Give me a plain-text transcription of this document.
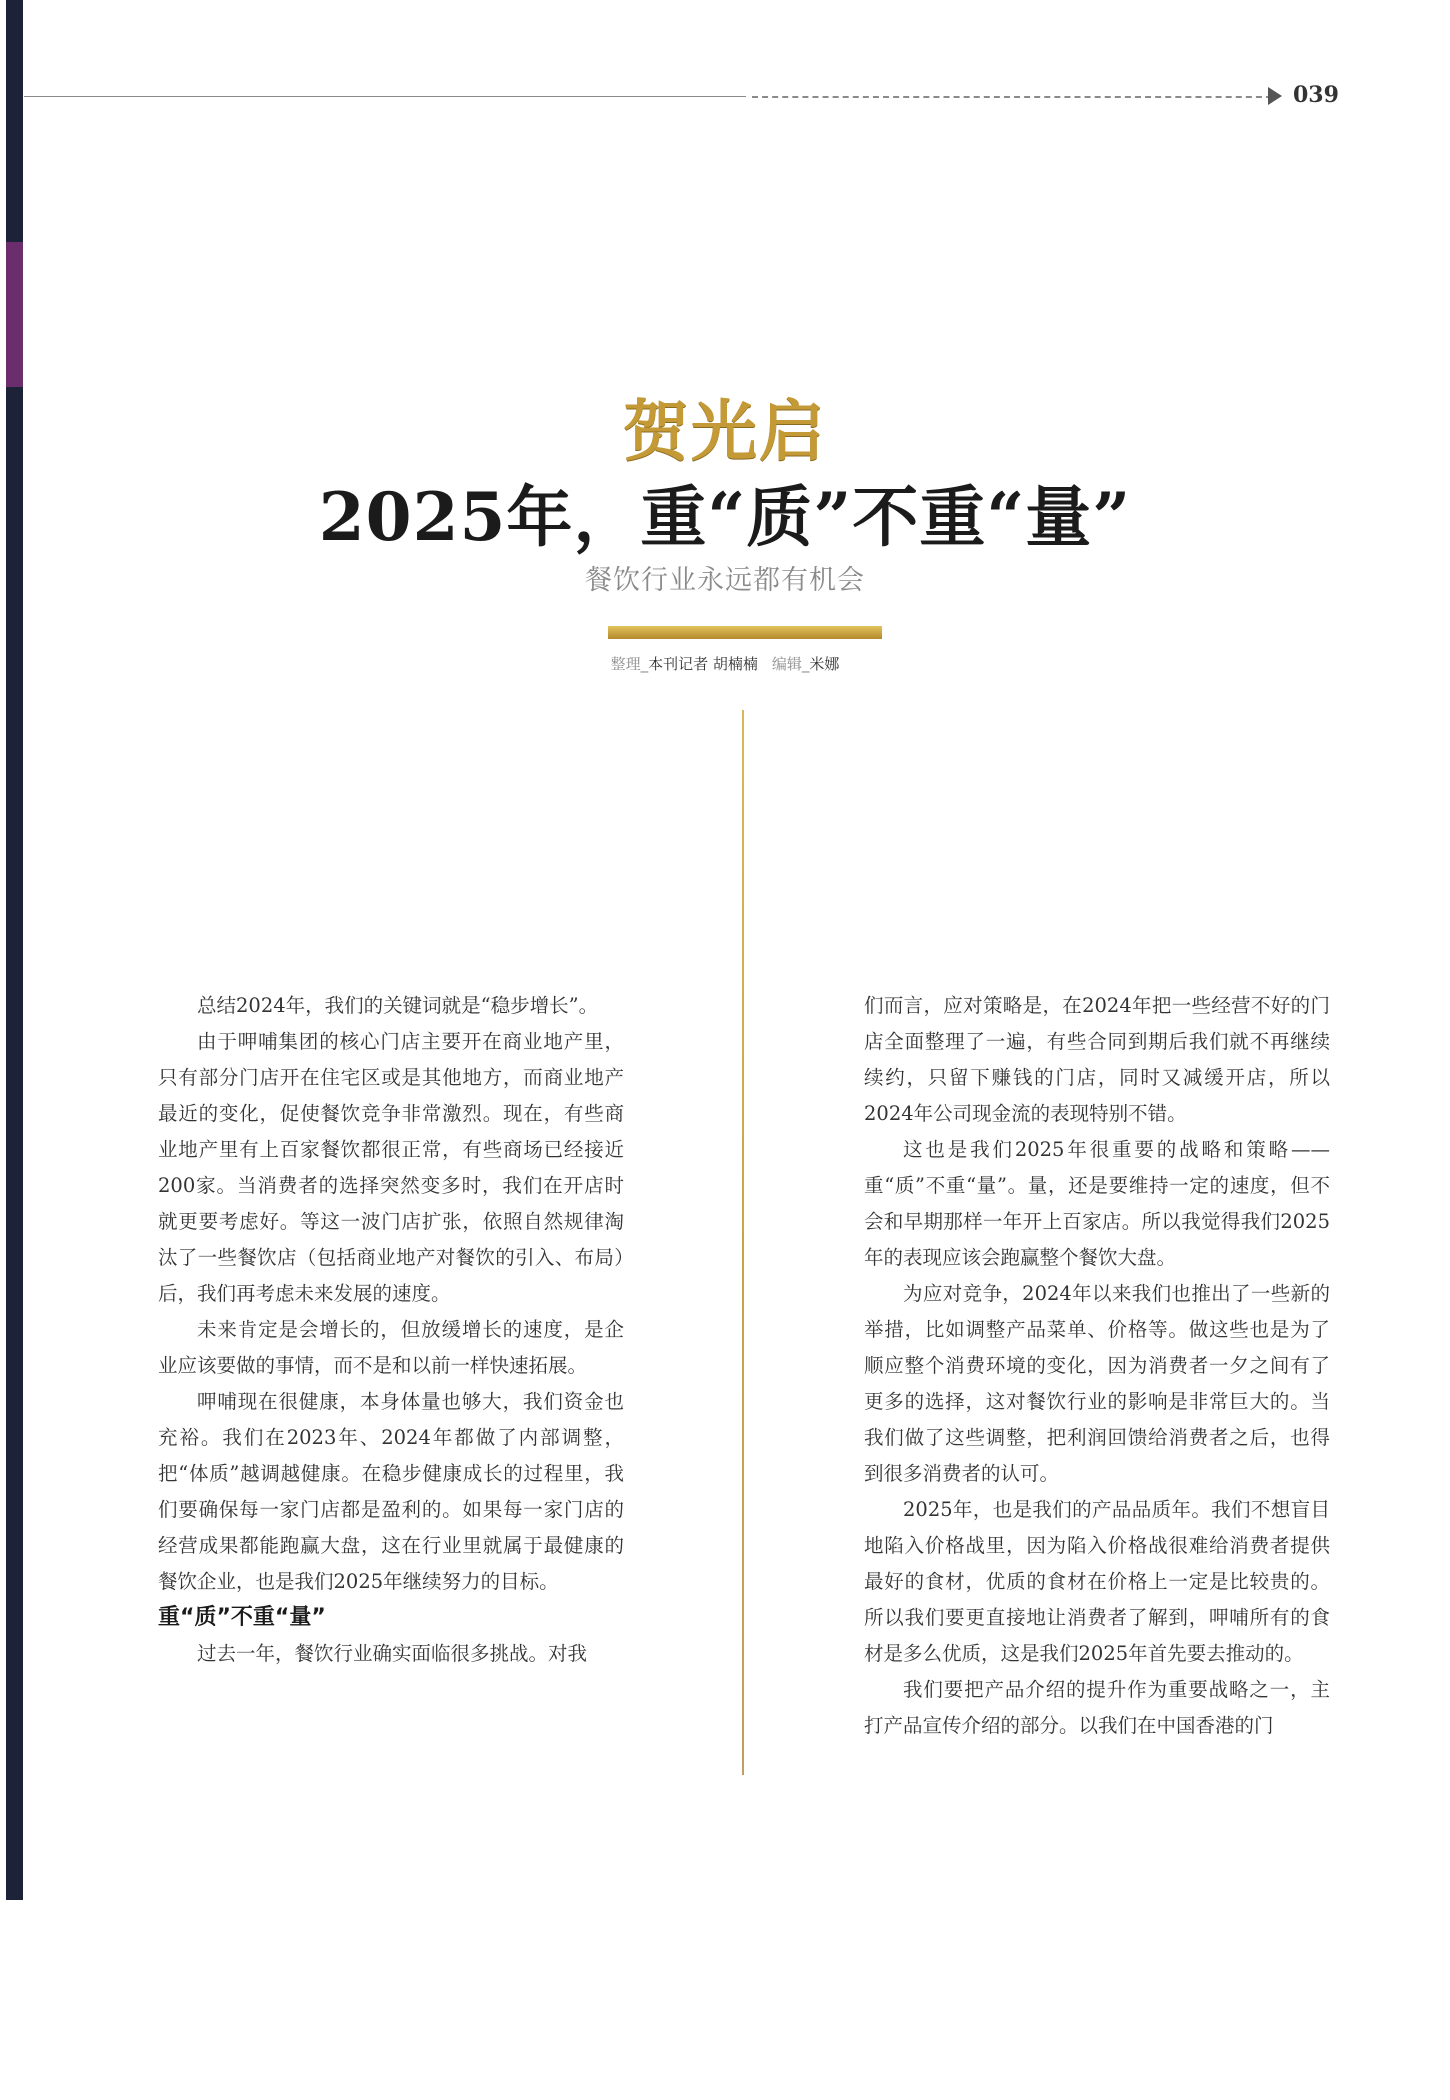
039
贺光启
2025年，重“质”不重“量”
餐饮行业永远都有机会
整理_本刊记者 胡楠楠 编辑_米娜

总结2024年，我们的关键词就是“稳步增长”。

由于呷哺集团的核心门店主要开在商业地产里，只有部分门店开在住宅区或是其他地方，而商业地产最近的变化，促使餐饮竞争非常激烈。现在，有些商业地产里有上百家餐饮都很正常，有些商场已经接近200家。当消费者的选择突然变多时，我们在开店时就更要考虑好。等这一波门店扩张，依照自然规律淘汰了一些餐饮店（包括商业地产对餐饮的引入、布局）后，我们再考虑未来发展的速度。

未来肯定是会增长的，但放缓增长的速度，是企业应该要做的事情，而不是和以前一样快速拓展。

呷哺现在很健康，本身体量也够大，我们资金也充裕。我们在2023年、2024年都做了内部调整，把“体质”越调越健康。在稳步健康成长的过程里，我们要确保每一家门店都是盈利的。如果每一家门店的经营成果都能跑赢大盘，这在行业里就属于最健康的餐饮企业，也是我们2025年继续努力的目标。

重“质”不重“量”

过去一年，餐饮行业确实面临很多挑战。对我

们而言，应对策略是，在2024年把一些经营不好的门店全面整理了一遍，有些合同到期后我们就不再继续续约，只留下赚钱的门店，同时又减缓开店，所以2024年公司现金流的表现特别不错。

这也是我们2025年很重要的战略和策略——重“质”不重“量”。量，还是要维持一定的速度，但不会和早期那样一年开上百家店。所以我觉得我们2025年的表现应该会跑赢整个餐饮大盘。

为应对竞争，2024年以来我们也推出了一些新的举措，比如调整产品菜单、价格等。做这些也是为了顺应整个消费环境的变化，因为消费者一夕之间有了更多的选择，这对餐饮行业的影响是非常巨大的。当我们做了这些调整，把利润回馈给消费者之后，也得到很多消费者的认可。

2025年，也是我们的产品品质年。我们不想盲目地陷入价格战里，因为陷入价格战很难给消费者提供最好的食材，优质的食材在价格上一定是比较贵的。所以我们要更直接地让消费者了解到，呷哺所有的食材是多么优质，这是我们2025年首先要去推动的。

我们要把产品介绍的提升作为重要战略之一，主打产品宣传介绍的部分。以我们在中国香港的门
